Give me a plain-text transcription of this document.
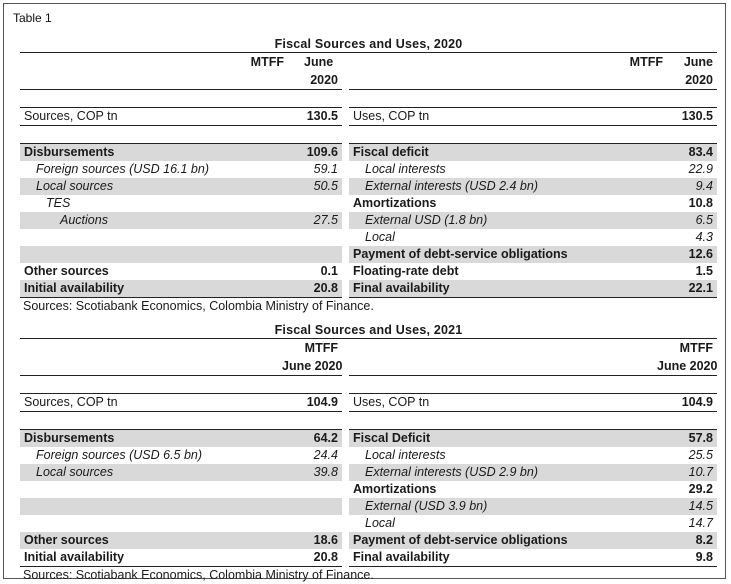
Table 1
Fiscal Sources and Uses, 2020
	MTFF June		MTFF	June
	2020			2020

Sources, COP tn	130.5		Uses, COP tn	130.5

Disbursements	109.6		Fiscal deficit	83.4
Foreign sources (USD 16.1 bn)	59.1		Local interests	22.9
Local sources	50.5		External interests (USD 2.4 bn)	9.4
TES			Amortizations	10.8
Auctions	27.5		External USD (1.8 bn)	6.5
			Local	4.3
			Payment of debt-service obligations	12.6
Other sources	0.1		Floating-rate debt	1.5
Initial availability	20.8		Final availability	22.1
Sources: Scotiabank Economics, Colombia Ministry of Finance.
Fiscal Sources and Uses, 2021
	MTFF			MTFF
	June 2020			June 2020

Sources, COP tn	104.9		Uses, COP tn	104.9

Disbursements	64.2		Fiscal Deficit	57.8
Foreign sources (USD 6.5 bn)	24.4		Local interests	25.5
Local sources	39.8		External interests (USD 2.9 bn)	10.7
			Amortizations	29.2
			External (USD 3.9 bn)	14.5
			Local	14.7
Other sources	18.6		Payment of debt-service obligations	8.2
Initial availability	20.8		Final availability	9.8
Sources: Scotiabank Economics, Colombia Ministry of Finance.
